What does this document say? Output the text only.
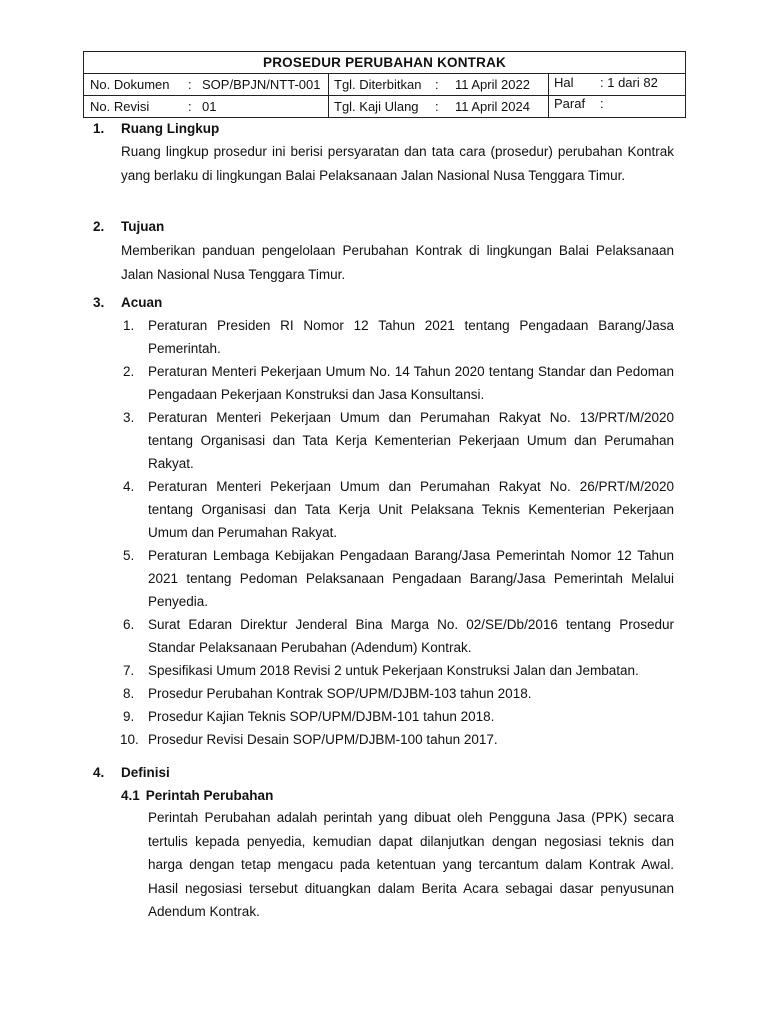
PROSEDUR PERUBAHAN KONTRAK
No. Dokumen : SOP/BPJN/NTT-001 Tgl. Diterbitkan : 11 April 2022 Hal : 1 dari 82
No. Revisi	: 01	Tgl. Kaji Ulang : 11 April 2024 Paraf :
1. Ruang Lingkup
Ruang lingkup prosedur ini berisi persyaratan dan tata cara (prosedur) perubahan Kontrak yang berlaku di lingkungan Balai Pelaksanaan Jalan Nasional Nusa Tenggara Timur.
2. Tujuan
Memberikan panduan pengelolaan Perubahan Kontrak di lingkungan Balai Pelaksanaan Jalan Nasional Nusa Tenggara Timur.
3. Acuan
1. Peraturan Presiden RI Nomor 12 Tahun 2021 tentang Pengadaan Barang/Jasa Pemerintah.
2. Peraturan Menteri Pekerjaan Umum No. 14 Tahun 2020 tentang Standar dan Pedoman Pengadaan Pekerjaan Konstruksi dan Jasa Konsultansi.
3. Peraturan Menteri Pekerjaan Umum dan Perumahan Rakyat No. 13/PRT/M/2020 tentang Organisasi dan Tata Kerja Kementerian Pekerjaan Umum dan Perumahan Rakyat.
4. Peraturan Menteri Pekerjaan Umum dan Perumahan Rakyat No. 26/PRT/M/2020 tentang Organisasi dan Tata Kerja Unit Pelaksana Teknis Kementerian Pekerjaan Umum dan Perumahan Rakyat.
5. Peraturan Lembaga Kebijakan Pengadaan Barang/Jasa Pemerintah Nomor 12 Tahun 2021 tentang Pedoman Pelaksanaan Pengadaan Barang/Jasa Pemerintah Melalui Penyedia.
6. Surat Edaran Direktur Jenderal Bina Marga No. 02/SE/Db/2016 tentang Prosedur Standar Pelaksanaan Perubahan (Adendum) Kontrak.
7. Spesifikasi Umum 2018 Revisi 2 untuk Pekerjaan Konstruksi Jalan dan Jembatan.
8. Prosedur Perubahan Kontrak SOP/UPM/DJBM-103 tahun 2018.
9. Prosedur Kajian Teknis SOP/UPM/DJBM-101 tahun 2018.
10. Prosedur Revisi Desain SOP/UPM/DJBM-100 tahun 2017.
4. Definisi
4.1 Perintah Perubahan
Perintah Perubahan adalah perintah yang dibuat oleh Pengguna Jasa (PPK) secara tertulis kepada penyedia, kemudian dapat dilanjutkan dengan negosiasi teknis dan harga dengan tetap mengacu pada ketentuan yang tercantum dalam Kontrak Awal. Hasil negosiasi tersebut dituangkan dalam Berita Acara sebagai dasar penyusunan Adendum Kontrak.
